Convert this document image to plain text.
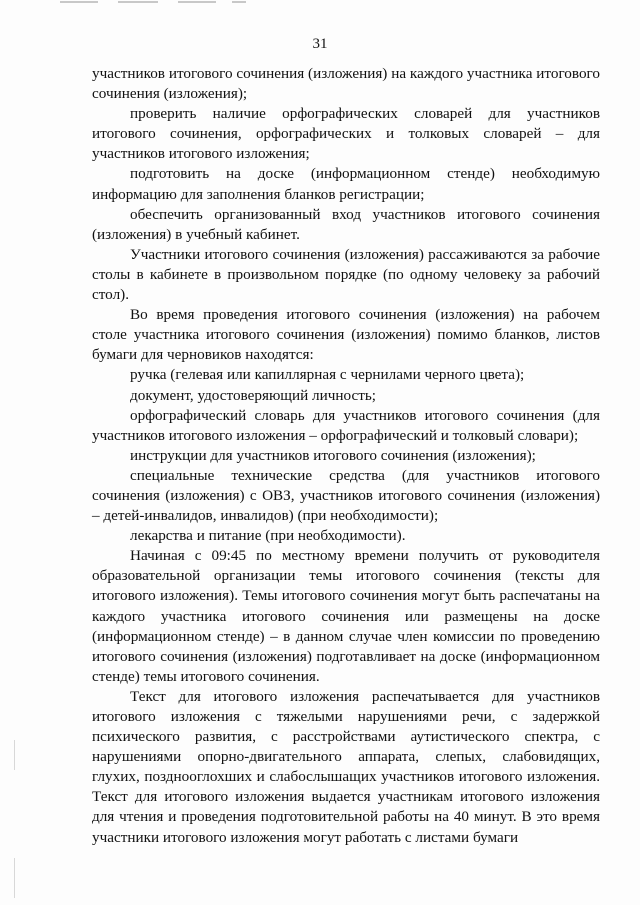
31

участников итогового сочинения (изложения) на каждого участника итогового сочинения (изложения);

проверить наличие орфографических словарей для участников итогового сочинения, орфографических и толковых словарей – для участников итогового изложения;

подготовить на доске (информационном стенде) необходимую информацию для заполнения бланков регистрации;

обеспечить организованный вход участников итогового сочинения (изложения) в учебный кабинет.

Участники итогового сочинения (изложения) рассаживаются за рабочие столы в кабинете в произвольном порядке (по одному человеку за рабочий стол).

Во время проведения итогового сочинения (изложения) на рабочем столе участника итогового сочинения (изложения) помимо бланков, листов бумаги для черновиков находятся:

ручка (гелевая или капиллярная с чернилами черного цвета);

документ, удостоверяющий личность;

орфографический словарь для участников итогового сочинения (для участников итогового изложения – орфографический и толковый словари);

инструкции для участников итогового сочинения (изложения);

специальные технические средства (для участников итогового сочинения (изложения) с ОВЗ, участников итогового сочинения (изложения) – детей-инвалидов, инвалидов) (при необходимости);

лекарства и питание (при необходимости).

Начиная с 09:45 по местному времени получить от руководителя образовательной организации темы итогового сочинения (тексты для итогового изложения). Темы итогового сочинения могут быть распечатаны на каждого участника итогового сочинения или размещены на доске (информационном стенде) – в данном случае член комиссии по проведению итогового сочинения (изложения) подготавливает на доске (информационном стенде) темы итогового сочинения.

Текст для итогового изложения распечатывается для участников итогового изложения с тяжелыми нарушениями речи, с задержкой психического развития, с расстройствами аутистического спектра, с нарушениями опорно-двигательного аппарата, слепых, слабовидящих, глухих, позднооглохших и слабослышащих участников итогового изложения. Текст для итогового изложения выдается участникам итогового изложения для чтения и проведения подготовительной работы на 40 минут. В это время участники итогового изложения могут работать с листами бумаги
